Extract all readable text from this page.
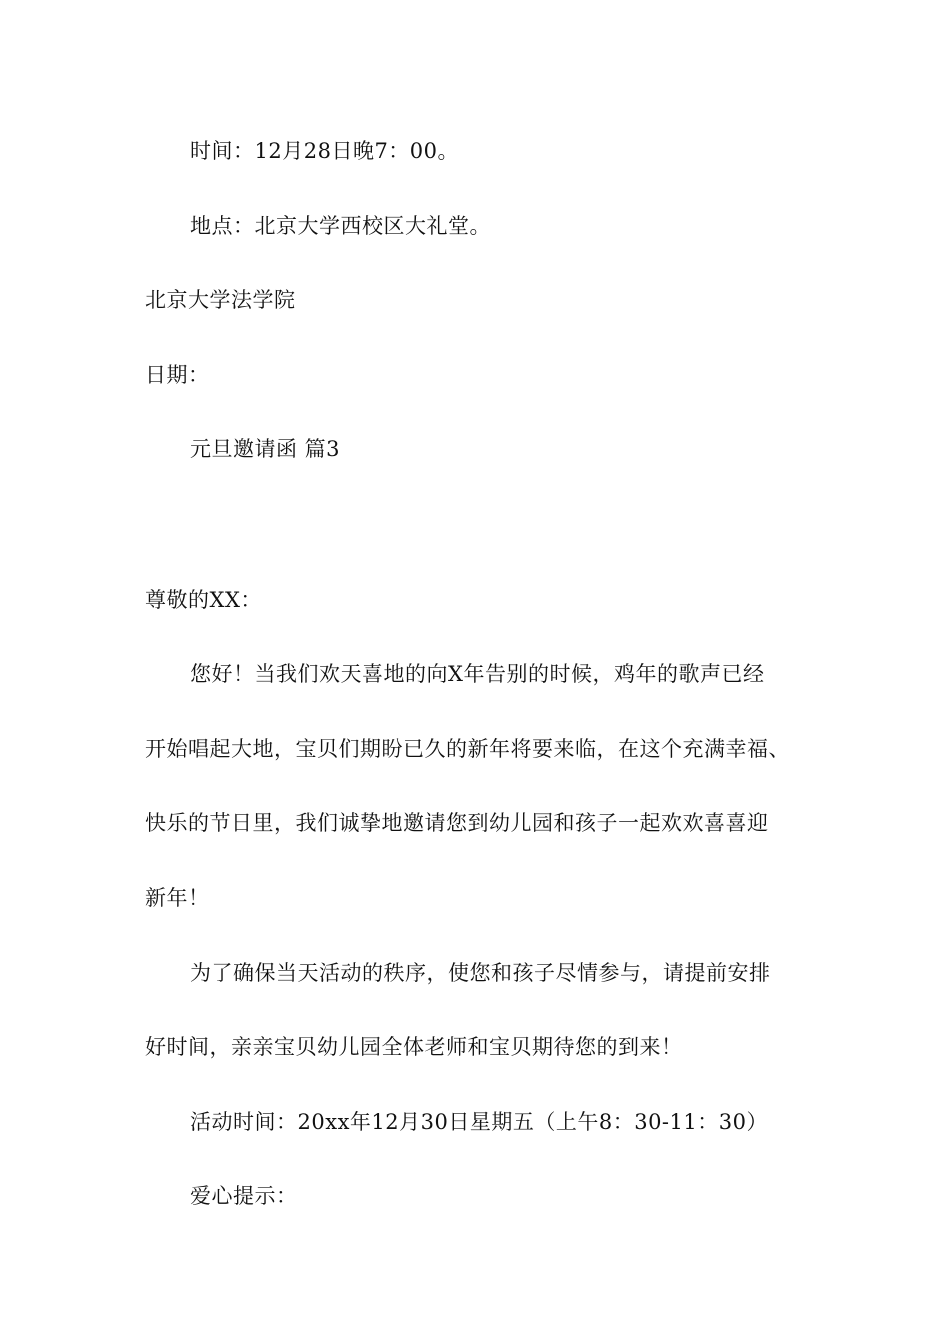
时间：12月28日晚7：00。
地点：北京大学西校区大礼堂。
北京大学法学院
日期：
元旦邀请函 篇3
尊敬的XX：
您好！当我们欢天喜地的向X年告别的时候，鸡年的歌声已经
开始唱起大地，宝贝们期盼已久的新年将要来临，在这个充满幸福、
快乐的节日里，我们诚挚地邀请您到幼儿园和孩子一起欢欢喜喜迎
新年！
为了确保当天活动的秩序，使您和孩子尽情参与，请提前安排
好时间，亲亲宝贝幼儿园全体老师和宝贝期待您的到来！
活动时间：20xx年12月30日星期五（上午8：30-11：30）
爱心提示：
